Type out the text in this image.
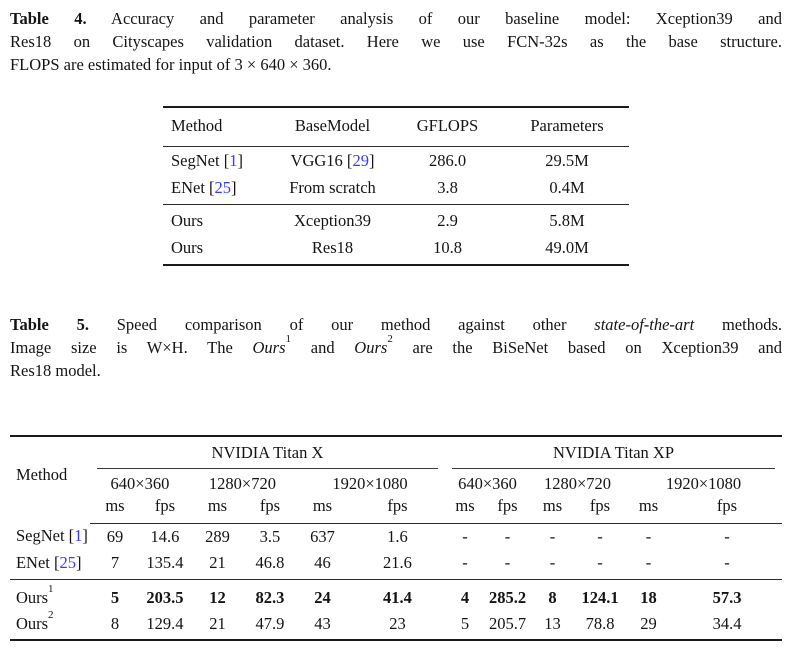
Table 4. Accuracy and parameter analysis of our baseline model: Xception39 and
Res18 on Cityscapes validation dataset. Here we use FCN-32s as the base structure.
FLOPS are estimated for input of 3 × 640 × 360.
Method	BaseModel	GFLOPS	Parameters
SegNet [1]	VGG16 [29]	286.0	29.5M
ENet [25]	From scratch	3.8	0.4M
Ours	Xception39	2.9	5.8M
Ours	Res18	10.8	49.0M
Table 5. Speed comparison of our method against other state-of-the-art methods.
Image size is W×H. The Ours$^1$ and Ours$^2$ are the BiSeNet based on Xception39 and
Res18 model.
Method	NVIDIA Titan X						NVIDIA Titan XP					

	640×360		1280×720		1920×1080		640×360		1280×720		1920×1080	
	ms	fps	ms	fps	ms	fps	ms	fps	ms	fps	ms	fps
SegNet [1]	69	14.6	289	3.5	637	1.6	-	-	-	-	-	-
ENet [25]	7	135.4	21	46.8	46	21.6	-	-	-	-	-	-
Ours$^1$	5	203.5	12	82.3	24	41.4	4	285.2	8	124.1	18	57.3
Ours$^2$	8	129.4	21	47.9	43	23	5	205.7	13	78.8	29	34.4
